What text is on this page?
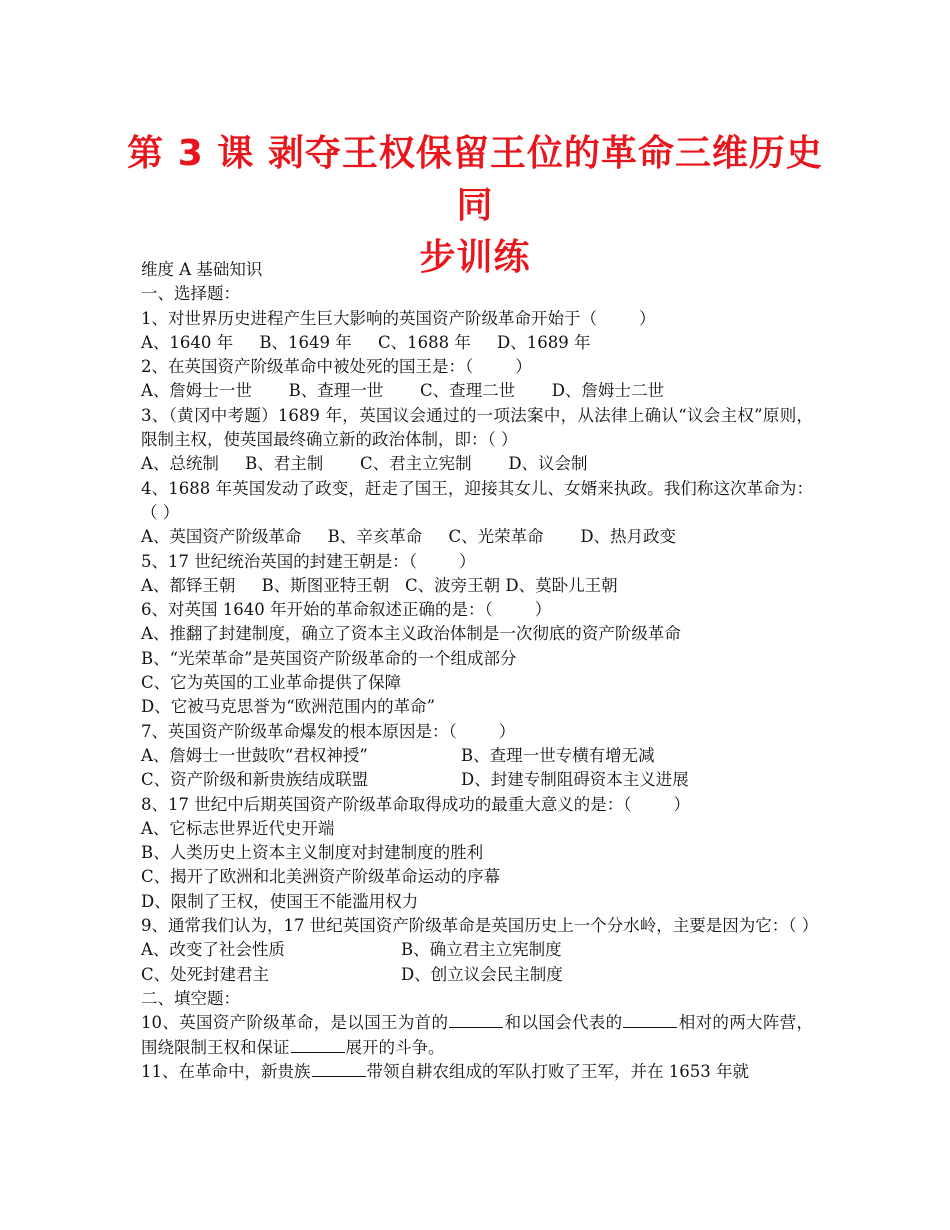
第 3 课 剥夺王权保留王位的革命三维历史同
步训练
维度 A 基础知识
一、选择题：
1、对世界历史进程产生巨大影响的英国资产阶级革命开始于（        ）
A、1640 年     B、1649 年     C、1688 年     D、1689 年
2、在英国资产阶级革命中被处死的国王是：（        ）
A、詹姆士一世       B、查理一世       C、查理二世       D、詹姆士二世
3、（黄冈中考题）1689 年，英国议会通过的一项法案中，从法律上确认“议会主权”原则，限制主权，使英国最终确立新的政治体制，即：（ ）
A、总统制     B、君主制       C、君主立宪制       D、议会制
4、1688 年英国发动了政变，赶走了国王，迎接其女儿、女婿来执政。我们称这次革命为：（ ）
A、英国资产阶级革命     B、辛亥革命     C、光荣革命       D、热月政变
5、17 世纪统治英国的封建王朝是：（        ）
A、都铎王朝     B、斯图亚特王朝   C、波旁王朝 D、莫卧儿王朝
6、对英国 1640 年开始的革命叙述正确的是：（        ）
A、推翻了封建制度，确立了资本主义政治体制是一次彻底的资产阶级革命
B、“光荣革命”是英国资产阶级革命的一个组成部分
C、它为英国的工业革命提供了保障
D、它被马克思誉为“欧洲范围内的革命”
7、英国资产阶级革命爆发的根本原因是：（        ）
A、詹姆士一世鼓吹“君权神授”	B、查理一世专横有增无减
C、资产阶级和新贵族结成联盟	D、封建专制阻碍资本主义进展
8、17 世纪中后期英国资产阶级革命取得成功的最重大意义的是：（        ）
A、它标志世界近代史开端
B、人类历史上资本主义制度对封建制度的胜利
C、揭开了欧洲和北美洲资产阶级革命运动的序幕
D、限制了王权，使国王不能滥用权力
9、通常我们认为，17 世纪英国资产阶级革命是英国历史上一个分水岭，主要是因为它：（ ）
A、改变了社会性质	B、确立君主立宪制度
C、处死封建君主	D、创立议会民主制度
二、填空题：
10、英国资产阶级革命，是以国王为首的	和以国会代表的	相对的两大阵营，围绕限制王权和保证	展开的斗争。
11、在革命中，新贵族	带领自耕农组成的军队打败了王军，并在 1653 年就
